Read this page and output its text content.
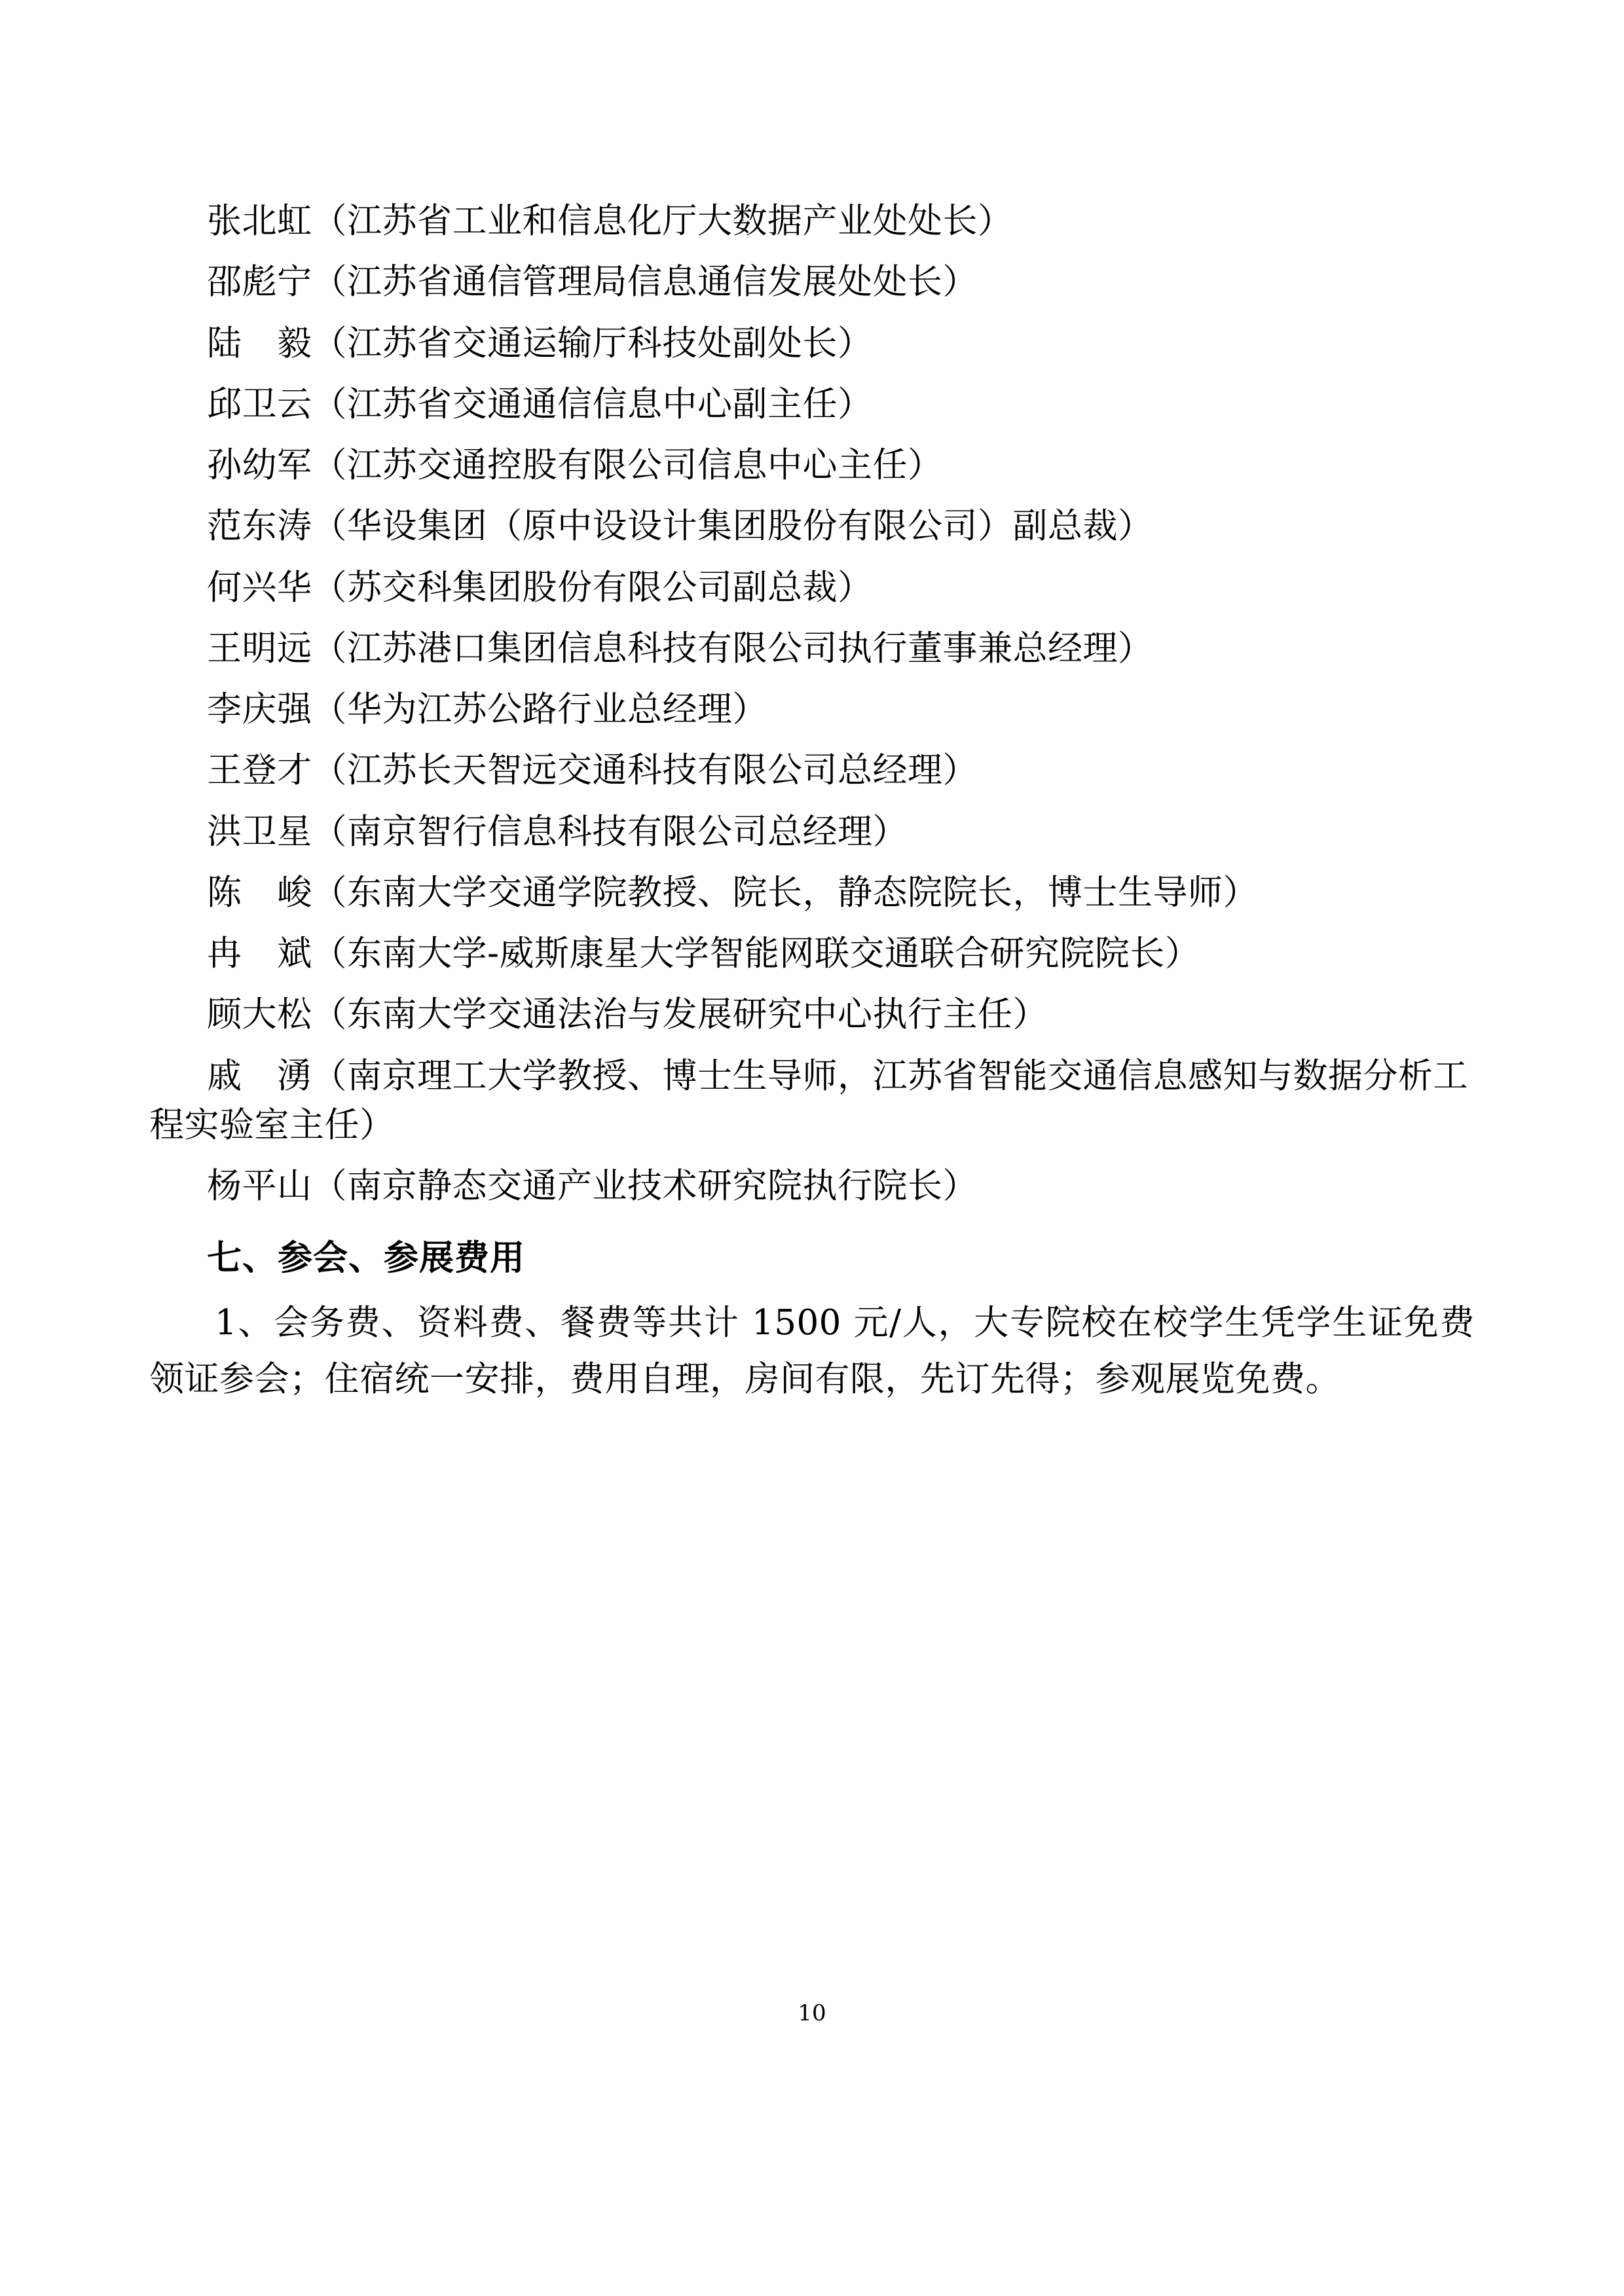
张北虹（江苏省工业和信息化厅大数据产业处处长）

邵彪宁（江苏省通信管理局信息通信发展处处长）

陆　毅（江苏省交通运输厅科技处副处长）

邱卫云（江苏省交通通信信息中心副主任）

孙幼军（江苏交通控股有限公司信息中心主任）

范东涛（华设集团（原中设设计集团股份有限公司）副总裁）

何兴华（苏交科集团股份有限公司副总裁）

王明远（江苏港口集团信息科技有限公司执行董事兼总经理）

李庆强（华为江苏公路行业总经理）

王登才（江苏长天智远交通科技有限公司总经理）

洪卫星（南京智行信息科技有限公司总经理）

陈　峻（东南大学交通学院教授、院长，静态院院长，博士生导师）

冉　斌（东南大学-威斯康星大学智能网联交通联合研究院院长）

顾大松（东南大学交通法治与发展研究中心执行主任）

戚　湧（南京理工大学教授、博士生导师，江苏省智能交通信息感知与数据分析工程实验室主任）

杨平山（南京静态交通产业技术研究院执行院长）

七、参会、参展费用

1、会务费、资料费、餐费等共计 1500 元/人，大专院校在校学生凭学生证免费领证参会；住宿统一安排，费用自理，房间有限，先订先得；参观展览免费。

10
